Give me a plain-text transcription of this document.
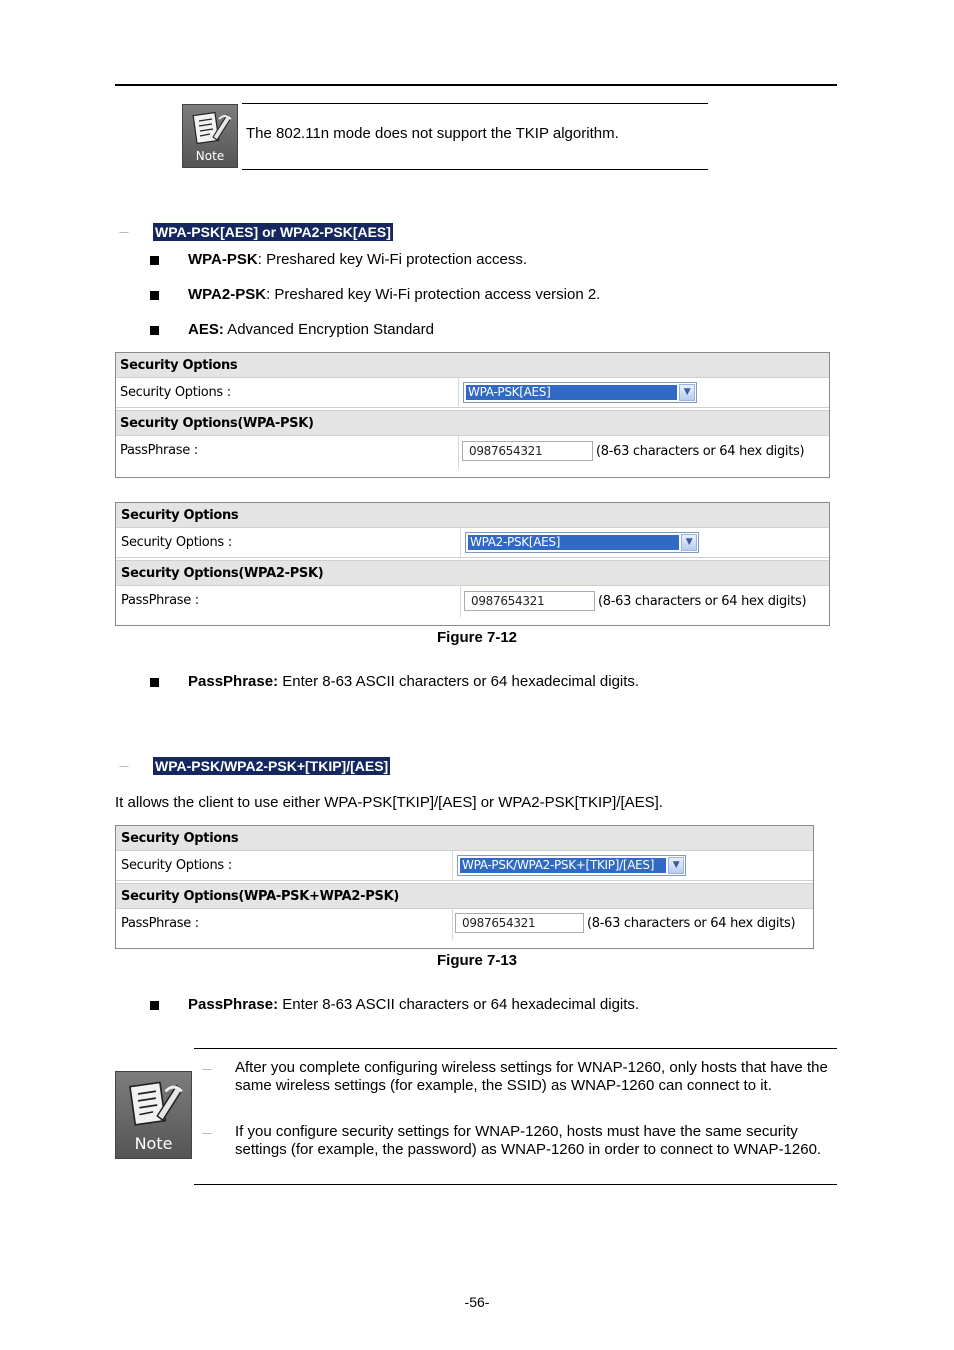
Note
The 802.11n mode does not support the TKIP algorithm.
－ WPA-PSK[AES] or WPA2-PSK[AES]
WPA-PSK: Preshared key Wi-Fi protection access.
WPA2-PSK: Preshared key Wi-Fi protection access version 2.
AES: Advanced Encryption Standard
Security Options
Security Options :	WPA-PSK[AES]	▼
Security Options(WPA-PSK)
PassPhrase :	0987654321	(8-63 characters or 64 hex digits)
Security Options
Security Options :	WPA2-PSK[AES]	▼
Security Options(WPA2-PSK)
PassPhrase :	0987654321	(8-63 characters or 64 hex digits)
Figure 7-12
PassPhrase: Enter 8-63 ASCII characters or 64 hexadecimal digits.
－ WPA-PSK/WPA2-PSK+[TKIP]/[AES]
It allows the client to use either WPA-PSK[TKIP]/[AES] or WPA2-PSK[TKIP]/[AES].
Security Options
Security Options :	WPA-PSK/WPA2-PSK+[TKIP]/[AES]	▼
Security Options(WPA-PSK+WPA2-PSK)
PassPhrase :	0987654321	(8-63 characters or 64 hex digits)
Figure 7-13
PassPhrase: Enter 8-63 ASCII characters or 64 hexadecimal digits.
Note
－ After you complete configuring wireless settings for WNAP-1260, only hosts that have the same wireless settings (for example, the SSID) as WNAP-1260 can connect to it.
－ If you configure security settings for WNAP-1260, hosts must have the same security settings (for example, the password) as WNAP-1260 in order to connect to WNAP-1260.
-56-
